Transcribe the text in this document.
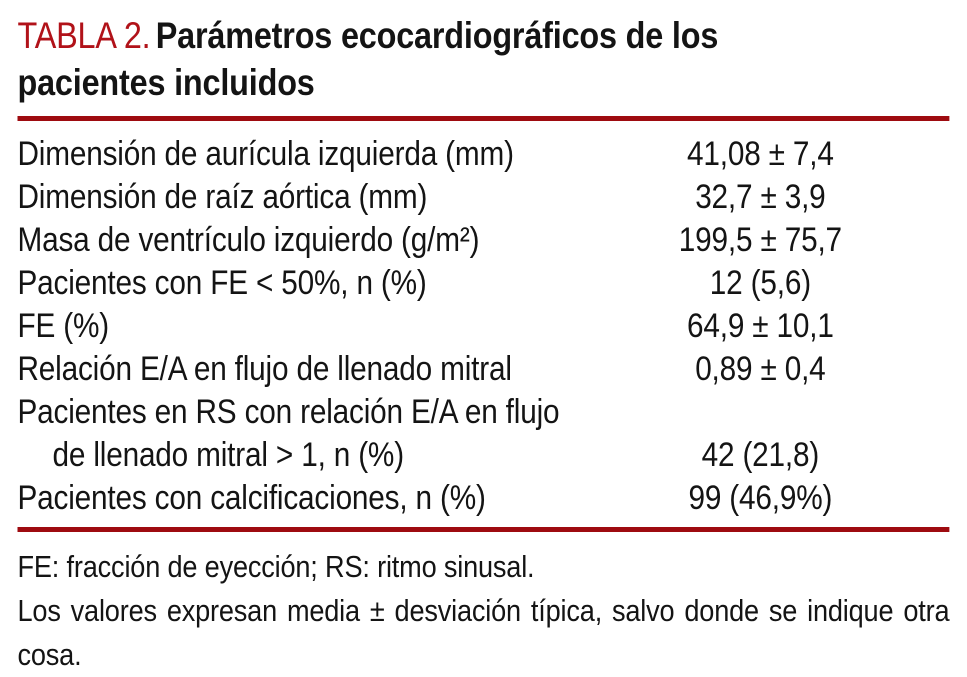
TABLA 2. Parámetros ecocardiográficos de los pacientes incluidos
Dimensión de aurícula izquierda (mm)	41,08 ± 7,4
Dimensión de raíz aórtica (mm)	32,7 ± 3,9
Masa de ventrículo izquierdo (g/m²)	199,5 ± 75,7
Pacientes con FE < 50%, n (%)	12 (5,6)
FE (%)	64,9 ± 10,1
Relación E/A en flujo de llenado mitral	0,89 ± 0,4
Pacientes en RS con relación E/A en flujo
de llenado mitral > 1, n (%)	42 (21,8)
Pacientes con calcificaciones, n (%)	99 (46,9%)
FE: fracción de eyección; RS: ritmo sinusal.
Los valores expresan media ± desviación típica, salvo donde se indique otra
cosa.
